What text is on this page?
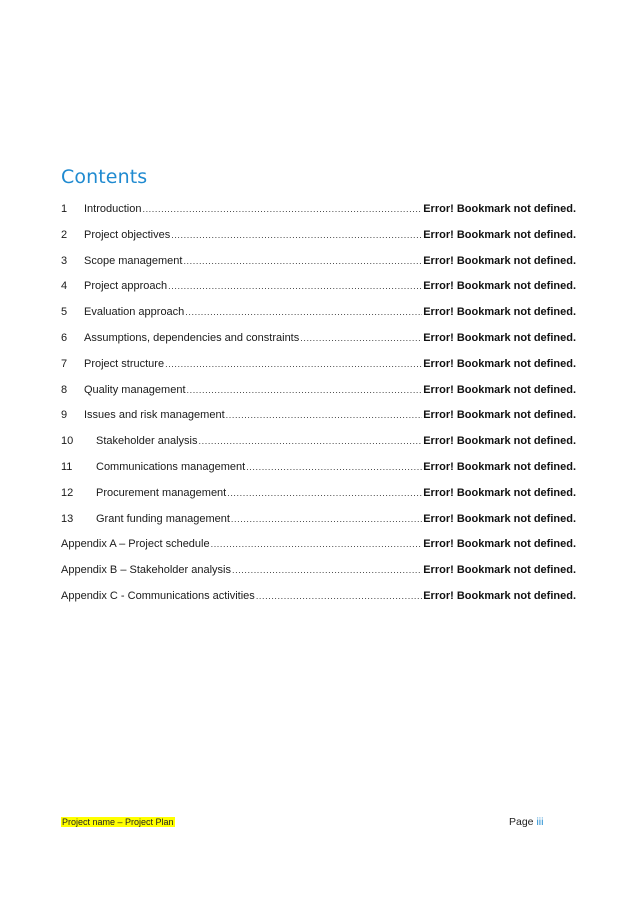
Contents
1	Introduction .....	Error! Bookmark not defined.
2	Project objectives .....	Error! Bookmark not defined.
3	Scope management .....	Error! Bookmark not defined.
4	Project approach .....	Error! Bookmark not defined.
5	Evaluation approach .....	Error! Bookmark not defined.
6	Assumptions, dependencies and constraints .....	Error! Bookmark not defined.
7	Project structure .....	Error! Bookmark not defined.
8	Quality management .....	Error! Bookmark not defined.
9	Issues and risk management .....	Error! Bookmark not defined.
10	Stakeholder analysis .....	Error! Bookmark not defined.
11	Communications management .....	Error! Bookmark not defined.
12	Procurement management .....	Error! Bookmark not defined.
13	Grant funding management .....	Error! Bookmark not defined.
Appendix A – Project schedule .....	Error! Bookmark not defined.
Appendix B – Stakeholder analysis .....	Error! Bookmark not defined.
Appendix C - Communications activities .....	Error! Bookmark not defined.
Project name – Project Plan	Page iii
